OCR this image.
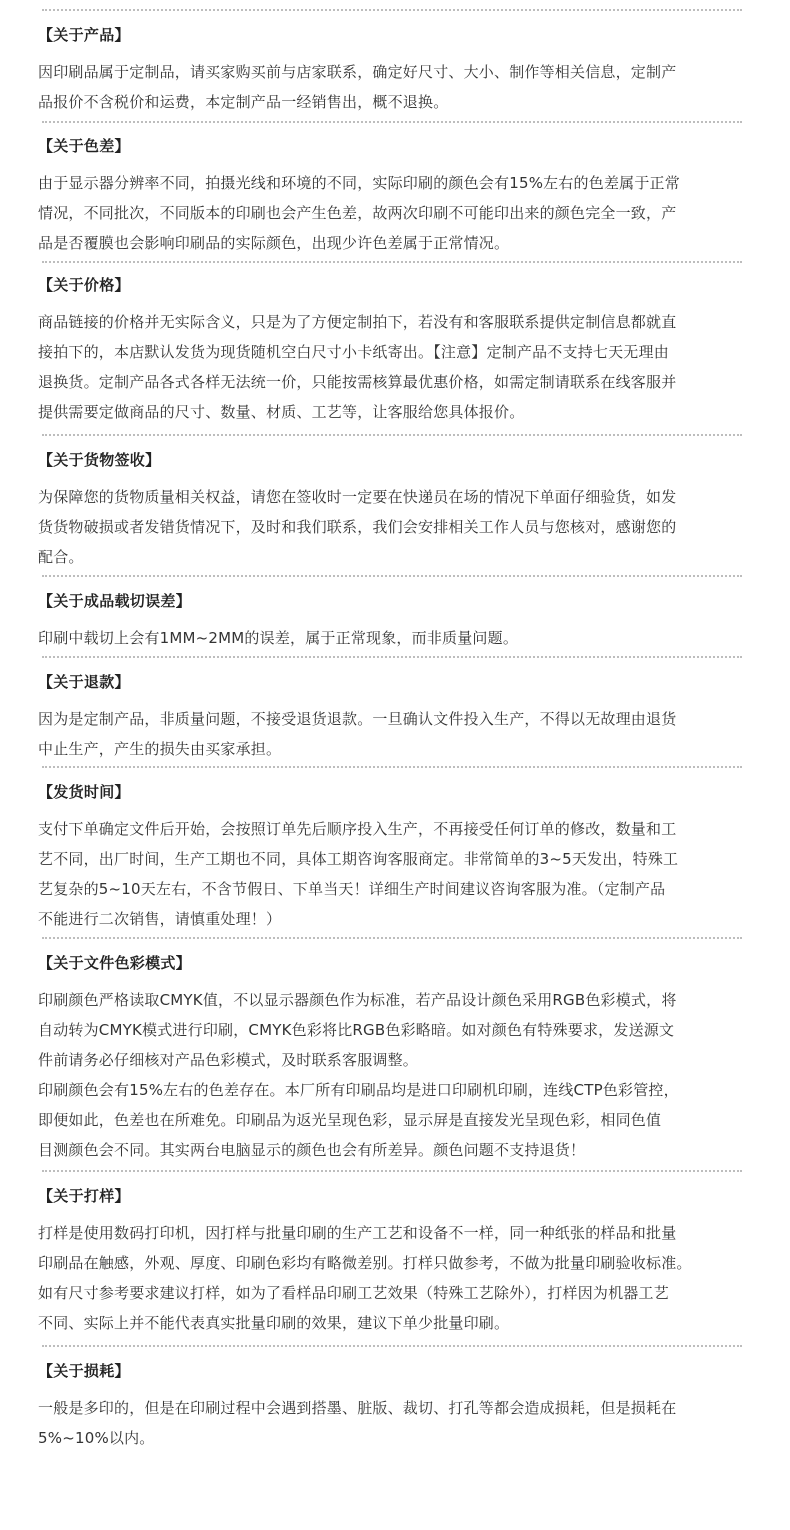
【关于产品】

因印刷品属于定制品，请买家购买前与店家联系，确定好尺寸、大小、制作等相关信息，定制产

品报价不含税价和运费，本定制产品一经销售出，概不退换。

【关于色差】

由于显示器分辨率不同，拍摄光线和环境的不同，实际印刷的颜色会有15%左右的色差属于正常

情况，不同批次，不同版本的印刷也会产生色差，故两次印刷不可能印出来的颜色完全一致，产

品是否覆膜也会影响印刷品的实际颜色，出现少许色差属于正常情况。

【关于价格】

商品链接的价格并无实际含义，只是为了方便定制拍下，若没有和客服联系提供定制信息都就直

接拍下的，本店默认发货为现货随机空白尺寸小卡纸寄出。【注意】定制产品不支持七天无理由

退换货。定制产品各式各样无法统一价，只能按需核算最优惠价格，如需定制请联系在线客服并

提供需要定做商品的尺寸、数量、材质、工艺等，让客服给您具体报价。

【关于货物签收】

为保障您的货物质量相关权益，请您在签收时一定要在快递员在场的情况下单面仔细验货，如发

货货物破损或者发错货情况下，及时和我们联系，我们会安排相关工作人员与您核对，感谢您的

配合。

【关于成品载切误差】

印刷中载切上会有1MM~2MM的误差，属于正常现象，而非质量问题。

【关于退款】

因为是定制产品，非质量问题，不接受退货退款。一旦确认文件投入生产，不得以无故理由退货

中止生产，产生的损失由买家承担。

【发货时间】

支付下单确定文件后开始，会按照订单先后顺序投入生产，不再接受任何订单的修改，数量和工

艺不同，出厂时间，生产工期也不同，具体工期咨询客服商定。非常简单的3~5天发出，特殊工

艺复杂的5~10天左右，不含节假日、下单当天！详细生产时间建议咨询客服为准。（定制产品

不能进行二次销售，请慎重处理！）

【关于文件色彩模式】

印刷颜色严格读取CMYK值，不以显示器颜色作为标准，若产品设计颜色采用RGB色彩模式，将

自动转为CMYK模式进行印刷，CMYK色彩将比RGB色彩略暗。如对颜色有特殊要求，发送源文

件前请务必仔细核对产品色彩模式，及时联系客服调整。

印刷颜色会有15%左右的色差存在。本厂所有印刷品均是进口印刷机印刷，连线CTP色彩管控，

即便如此，色差也在所难免。印刷品为返光呈现色彩，显示屏是直接发光呈现色彩，相同色值

目测颜色会不同。其实两台电脑显示的颜色也会有所差异。颜色问题不支持退货！

【关于打样】

打样是使用数码打印机，因打样与批量印刷的生产工艺和设备不一样，同一种纸张的样品和批量

印刷品在触感，外观、厚度、印刷色彩均有略微差别。打样只做参考，不做为批量印刷验收标准。

如有尺寸参考要求建议打样，如为了看样品印刷工艺效果（特殊工艺除外），打样因为机器工艺

不同、实际上并不能代表真实批量印刷的效果，建议下单少批量印刷。

【关于损耗】

一般是多印的，但是在印刷过程中会遇到搭墨、脏版、裁切、打孔等都会造成损耗，但是损耗在

5%~10%以内。
